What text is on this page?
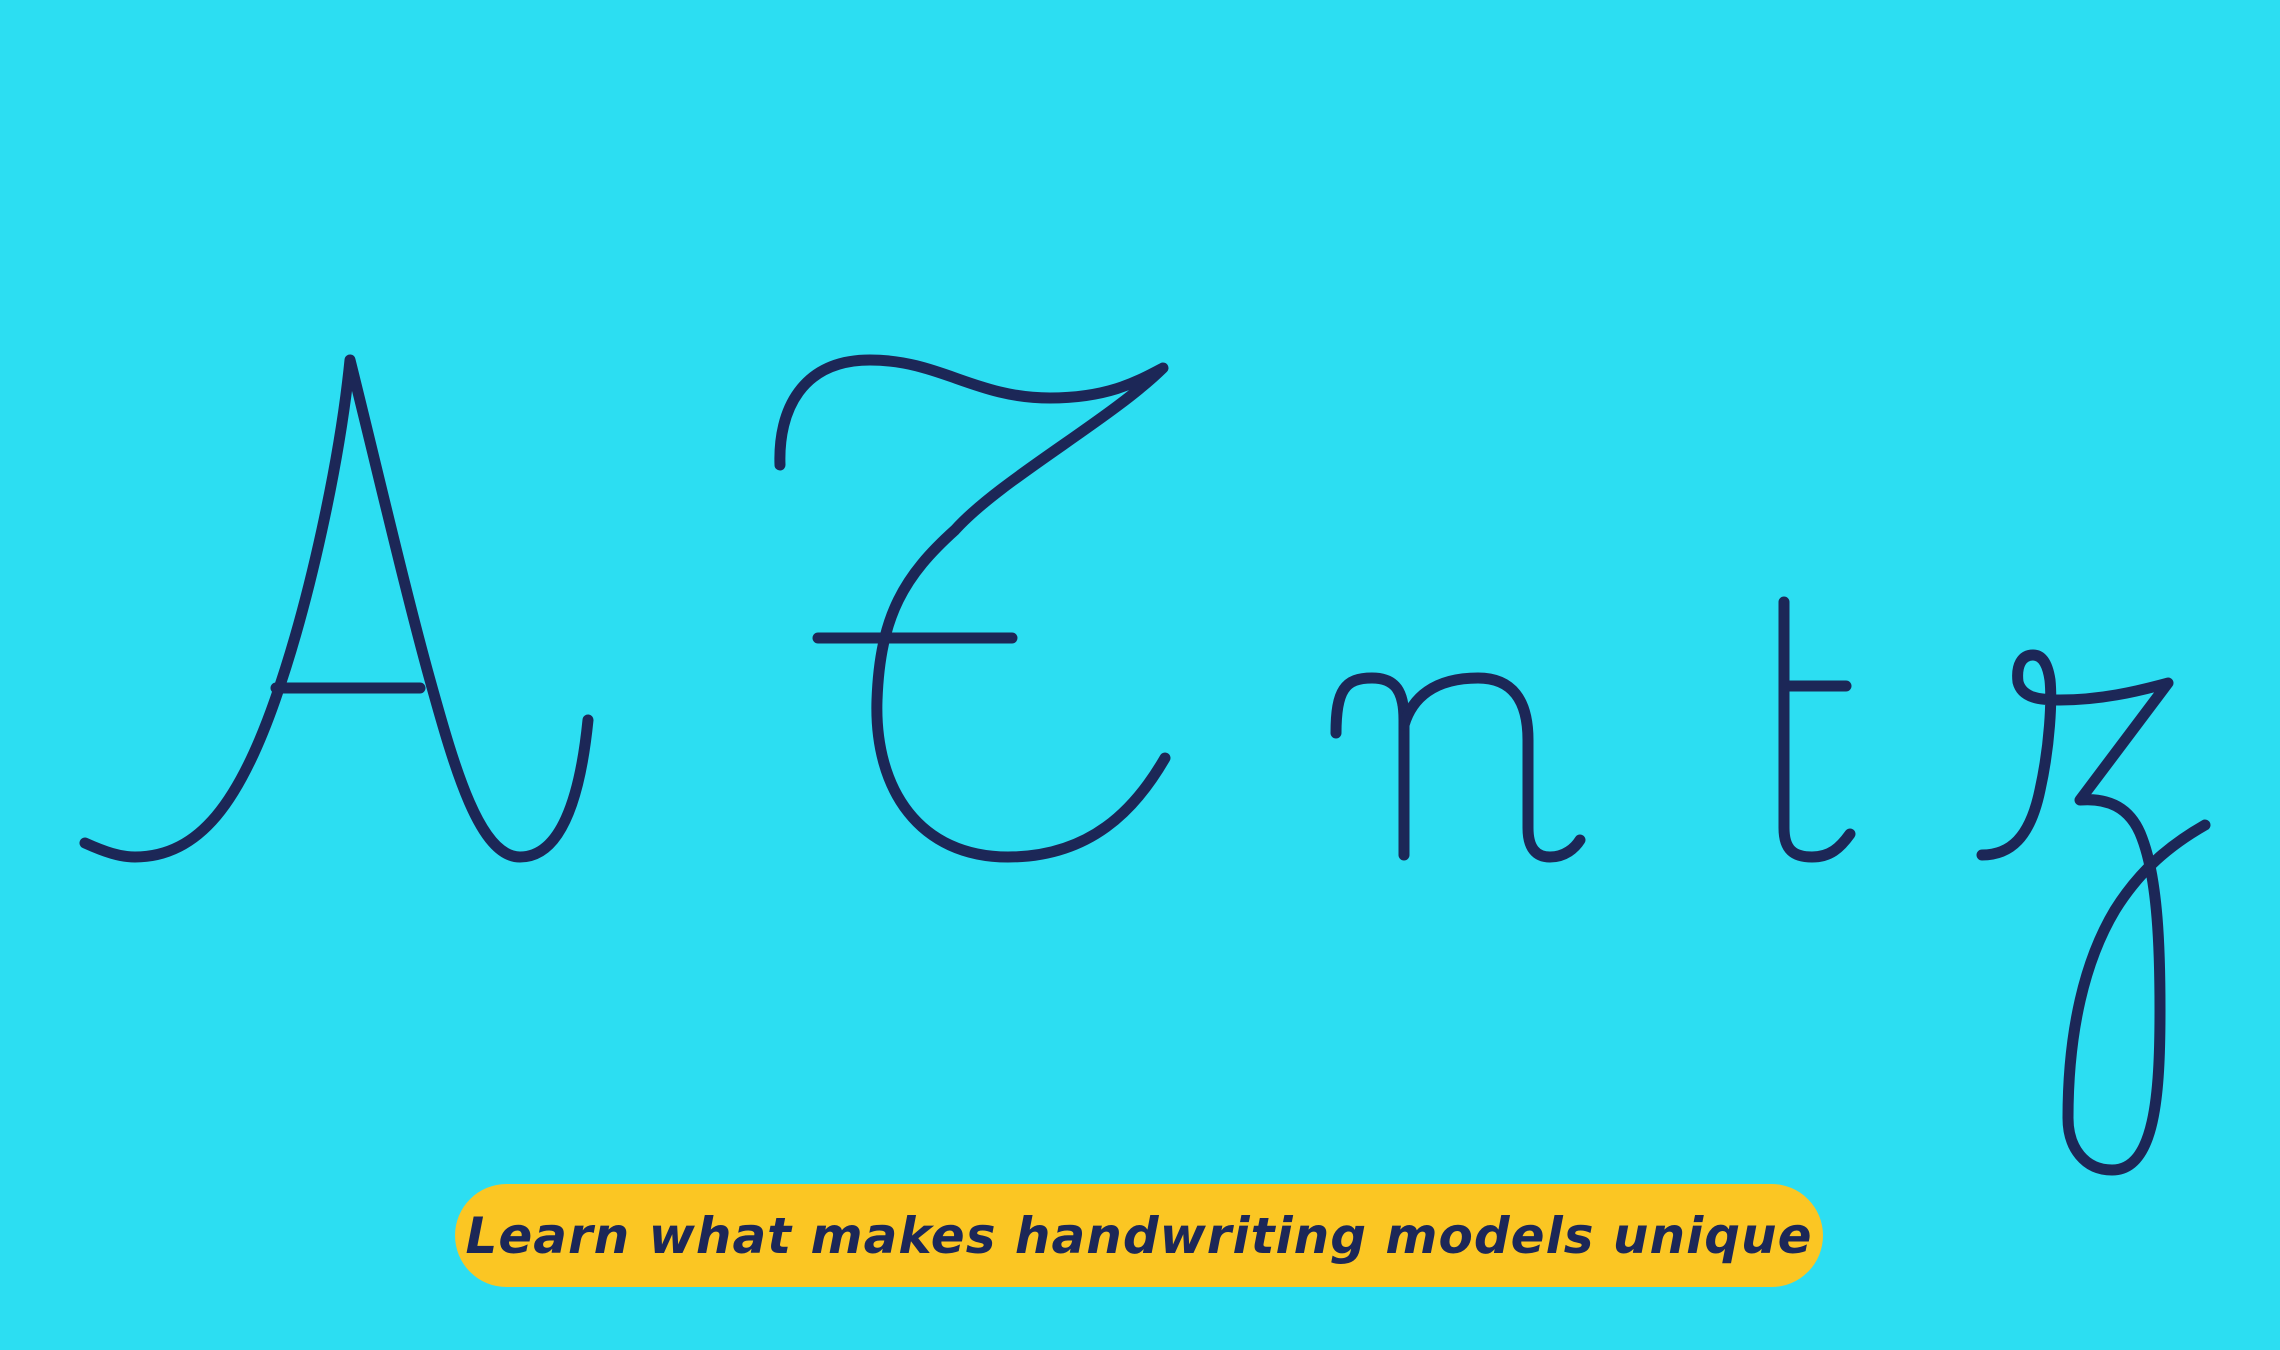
Learn what makes handwriting models unique
